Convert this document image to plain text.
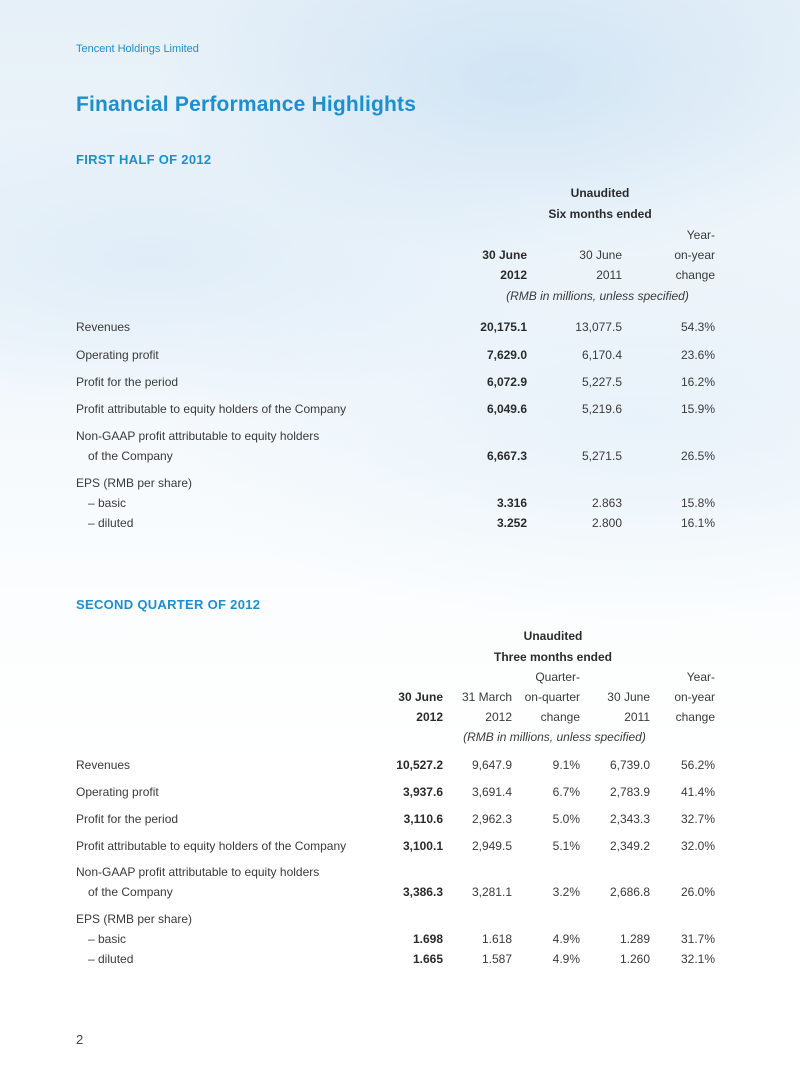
Tencent Holdings Limited
Financial Performance Highlights
FIRST HALF OF 2012
Unaudited
Six months ended
Year-
30 June	30 June	on-year
2012	2011	change
(RMB in millions, unless specified)
Revenues	20,175.1	13,077.5	54.3%
Operating profit	7,629.0	6,170.4	23.6%
Profit for the period	6,072.9	5,227.5	16.2%
Profit attributable to equity holders of the Company	6,049.6	5,219.6	15.9%
Non-GAAP profit attributable to equity holders
of the Company	6,667.3	5,271.5	26.5%
EPS (RMB per share)
– basic	3.316	2.863	15.8%
– diluted	3.252	2.800	16.1%
SECOND QUARTER OF 2012
Unaudited
Three months ended
Quarter-	Year-
30 June	31 March	on-quarter	30 June	on-year
2012	2012	change	2011	change
(RMB in millions, unless specified)
Revenues	10,527.2	9,647.9	9.1%	6,739.0	56.2%
Operating profit	3,937.6	3,691.4	6.7%	2,783.9	41.4%
Profit for the period	3,110.6	2,962.3	5.0%	2,343.3	32.7%
Profit attributable to equity holders of the Company	3,100.1	2,949.5	5.1%	2,349.2	32.0%
Non-GAAP profit attributable to equity holders
of the Company	3,386.3	3,281.1	3.2%	2,686.8	26.0%
EPS (RMB per share)
– basic	1.698	1.618	4.9%	1.289	31.7%
– diluted	1.665	1.587	4.9%	1.260	32.1%
2
